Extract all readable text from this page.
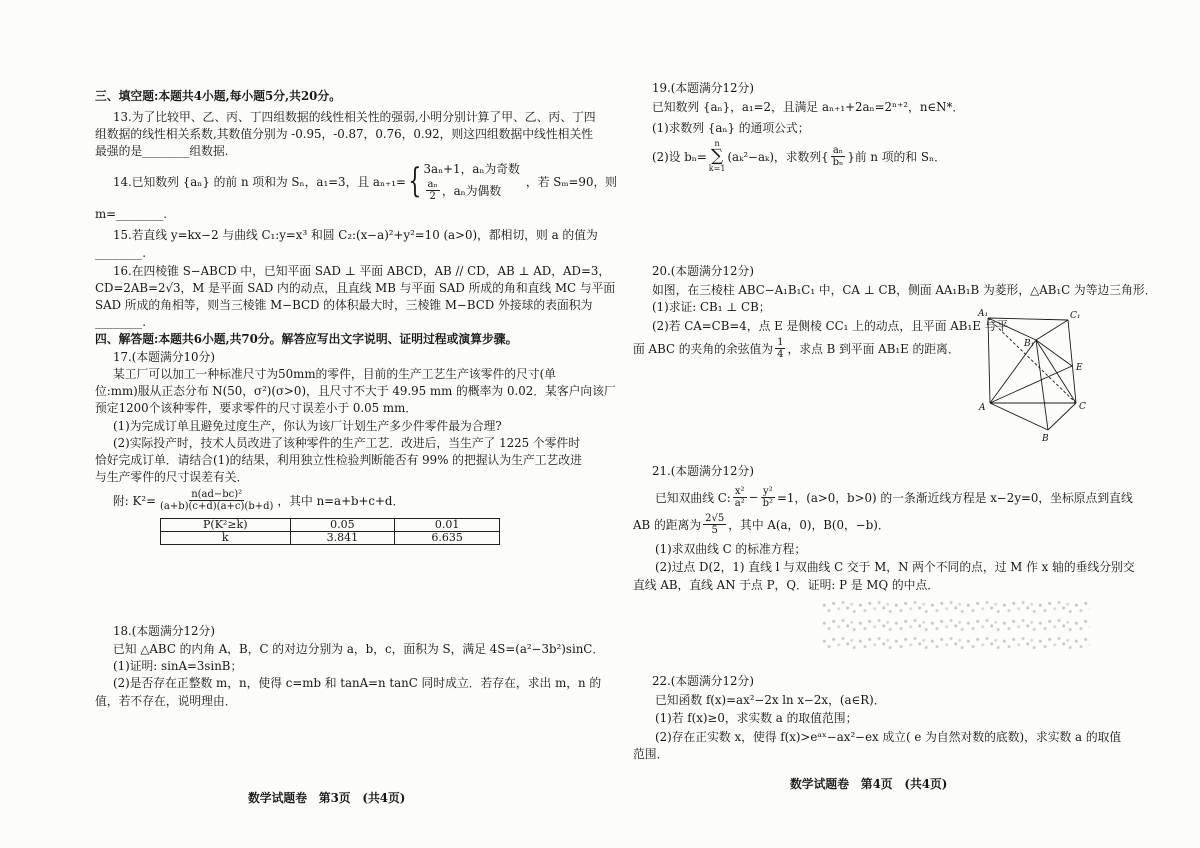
三、填空题:本题共4小题,每小题5分,共20分。
13.为了比较甲、乙、丙、丁四组数据的线性相关性的强弱,小明分别计算了甲、乙、丙、丁四
组数据的线性相关系数,其数值分别为 -0.95，-0.87，0.76，0.92，则这四组数据中线性相关性
最强的是________组数据.
14.已知数列 {aₙ} 的前 n 项和为 Sₙ，a₁=3，且 aₙ₊₁= { 3aₙ+1，aₙ为奇数
$\frac{\text{aₙ}}{2}$ ，aₙ为偶数
，若 Sₘ=90，则
m=________.
15.若直线 y=kx−2 与曲线 C₁:y=x³ 和圆 C₂:(x−a)²+y²=10 (a>0)，都相切，则 a 的值为
________.
16.在四棱锥 S−ABCD 中，已知平面 SAD ⊥ 平面 ABCD，AB // CD，AB ⊥ AD，AD=3，
CD=2AB=2√3，M 是平面 SAD 内的动点，且直线 MB 与平面 SAD 所成的角和直线 MC 与平面
SAD 所成的角相等，则当三棱锥 M−BCD 的体积最大时，三棱锥 M−BCD 外接球的表面积为
________.
四、解答题:本题共6小题,共70分。解答应写出文字说明、证明过程或演算步骤。
17.(本题满分10分)
某工厂可以加工一种标准尺寸为50mm的零件，目前的生产工艺生产该零件的尺寸(单
位:mm)服从正态分布 N(50，σ²)(σ>0)，且尺寸不大于 49.95 mm 的概率为 0.02．某客户向该厂
预定1200个该种零件，要求零件的尺寸误差小于 0.05 mm．
(1)为完成订单且避免过度生产，你认为该厂计划生产多少件零件最为合理?
(2)实际投产时，技术人员改进了该种零件的生产工艺．改进后，当生产了 1225 个零件时
恰好完成订单．请结合(1)的结果，利用独立性检验判断能否有 99% 的把握认为生产工艺改进
与生产零件的尺寸误差有关．
附: $K^2= \frac{\text{n(ad−bc)²}}{(a+b)(c+d)(a+c)(b+d)}$ ，其中 n=a+b+c+d．
P(K²≥k)	0.05	0.01
k	3.841	6.635
18.(本题满分12分)
已知 △ABC 的内角 A，B，C 的对边分别为 a，b，c，面积为 S，满足 4S=(a²−3b²)sinC．
(1)证明: sinA=3sinB；
(2)是否存在正整数 m，n，使得 c=mb 和 tanA=n tanC 同时成立．若存在，求出 m，n 的
值，若不存在，说明理由．
数学试题卷　第3页　(共4页)
19.(本题满分12分)
已知数列 {aₙ}，a₁=2，且满足 aₙ₊₁+2aₙ=2ⁿ⁺²，n∈N*．
(1)求数列 {aₙ} 的通项公式；
(2)设 bₙ=
n
∑
k=1
(aₖ²−aₖ)，求数列{ $\frac{\text{aₙ}}{\text{bₙ}}$ }前 n 项的和 Sₙ．
20.(本题满分12分)
如图，在三棱柱 ABC−A₁B₁C₁ 中，CA ⊥ CB，侧面 AA₁B₁B 为菱形，△AB₁C 为等边三角形．
(1)求证: CB₁ ⊥ CB；
(2)若 CA=CB=4，点 E 是侧棱 CC₁ 上的动点，且平面 AB₁E 与平
面 ABC 的夹角的余弦值为 $\frac{1}{4}$ ，求点 B 到平面 AB₁E 的距离．
A₁	C₁
B₁
E
A	C
B
21.(本题满分12分)
已知双曲线 C: $\frac{\text{x²}}{\text{a²}} - \frac{\text{y²}}{\text{b²}} =1$，(a>0，b>0) 的一条渐近线方程是 x−2y=0，坐标原点到直线
AB 的距离为 $\frac{2√5}{5}$ ，其中 A(a，0)，B(0，−b)．
(1)求双曲线 C 的标准方程；
(2)过点 D(2，1) 直线 l 与双曲线 C 交于 M，N 两个不同的点，过 M 作 x 轴的垂线分别交
直线 AB，直线 AN 于点 P，Q．证明: P 是 MQ 的中点．
22.(本题满分12分)
已知函数 f(x)=ax²−2x ln x−2x，(a∈R)．
(1)若 f(x)≥0，求实数 a 的取值范围；
(2)存在正实数 x，使得 f(x)>eᵃˣ−ax²−ex 成立( e 为自然对数的底数)，求实数 a 的取值
范围．
数学试题卷　第4页　(共4页)
